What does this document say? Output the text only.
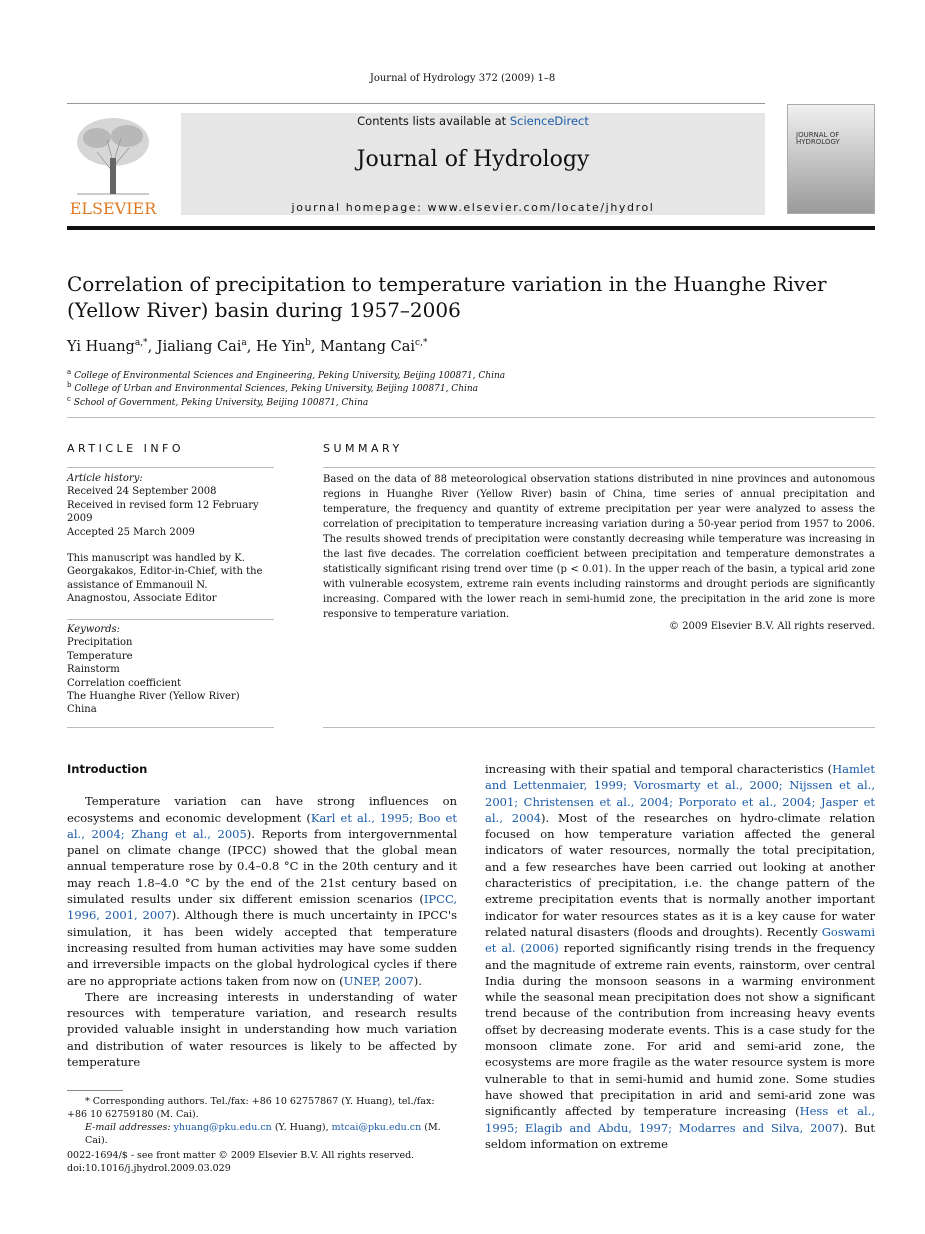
Journal of Hydrology 372 (2009) 1–8
ELSEVIER
Contents lists available at ScienceDirect
Journal of Hydrology
journal homepage: www.elsevier.com/locate/jhydrol
JOURNAL OF
HYDROLOGY
Correlation of precipitation to temperature variation in the Huanghe River (Yellow River) basin during 1957–2006
Yi Huang$^{a,*}$, Jialiang Cai$^a$, He Yin$^b$, Mantang Cai$^{c,*}$
$^a$ College of Environmental Sciences and Engineering, Peking University, Beijing 100871, China
$^b$ College of Urban and Environmental Sciences, Peking University, Beijing 100871, China
$^c$ School of Government, Peking University, Beijing 100871, China
ARTICLE INFO
Article history:
Received 24 September 2008
Received in revised form 12 February 2009
Accepted 25 March 2009
This manuscript was handled by K. Georgakakos, Editor-in-Chief, with the assistance of Emmanouil N. Anagnostou, Associate Editor
Keywords:
Precipitation
Temperature
Rainstorm
Correlation coefficient
The Huanghe River (Yellow River)
China
SUMMARY
Based on the data of 88 meteorological observation stations distributed in nine provinces and autonomous regions in Huanghe River (Yellow River) basin of China, time series of annual precipitation and temperature, the frequency and quantity of extreme precipitation per year were analyzed to assess the correlation of precipitation to temperature increasing variation during a 50-year period from 1957 to 2006. The results showed trends of precipitation were constantly decreasing while temperature was increasing in the last five decades. The correlation coefficient between precipitation and temperature demonstrates a statistically significant rising trend over time (p < 0.01). In the upper reach of the basin, a typical arid zone with vulnerable ecosystem, extreme rain events including rainstorms and drought periods are significantly increasing. Compared with the lower reach in semi-humid zone, the precipitation in the arid zone is more responsive to temperature variation.
© 2009 Elsevier B.V. All rights reserved.
Introduction

Temperature variation can have strong influences on ecosystems and economic development (Karl et al., 1995; Boo et al., 2004; Zhang et al., 2005). Reports from intergovernmental panel on climate change (IPCC) showed that the global mean annual temperature rose by 0.4–0.8 °C in the 20th century and it may reach 1.8–4.0 °C by the end of the 21st century based on simulated results under six different emission scenarios (IPCC, 1996, 2001, 2007). Although there is much uncertainty in IPCC's simulation, it has been widely accepted that temperature increasing resulted from human activities may have some sudden and irreversible impacts on the global hydrological cycles if there are no appropriate actions taken from now on (UNEP, 2007).

There are increasing interests in understanding of water resources with temperature variation, and research results provided valuable insight in understanding how much variation and distribution of water resources is likely to be affected by temperature

increasing with their spatial and temporal characteristics (Hamlet and Lettenmaier, 1999; Vorosmarty et al., 2000; Nijssen et al., 2001; Christensen et al., 2004; Porporato et al., 2004; Jasper et al., 2004). Most of the researches on hydro-climate relation focused on how temperature variation affected the general indicators of water resources, normally the total precipitation, and a few researches have been carried out looking at another characteristics of precipitation, i.e. the change pattern of the extreme precipitation events that is normally another important indicator for water resources states as it is a key cause for water related natural disasters (floods and droughts). Recently Goswami et al. (2006) reported significantly rising trends in the frequency and the magnitude of extreme rain events, rainstorm, over central India during the monsoon seasons in a warming environment while the seasonal mean precipitation does not show a significant trend because of the contribution from increasing heavy events offset by decreasing moderate events. This is a case study for the monsoon climate zone. For arid and semi-arid zone, the ecosystems are more fragile as the water resource system is more vulnerable to that in semi-humid and humid zone. Some studies have showed that precipitation in arid and semi-arid zone was significantly affected by temperature increasing (Hess et al., 1995; Elagib and Abdu, 1997; Modarres and Silva, 2007). But seldom information on extreme

* Corresponding authors. Tel./fax: +86 10 62757867 (Y. Huang), tel./fax: +86 10 62759180 (M. Cai).
E-mail addresses: yhuang@pku.edu.cn (Y. Huang), mtcai@pku.edu.cn (M. Cai).
0022-1694/$ - see front matter © 2009 Elsevier B.V. All rights reserved.
doi:10.1016/j.jhydrol.2009.03.029
